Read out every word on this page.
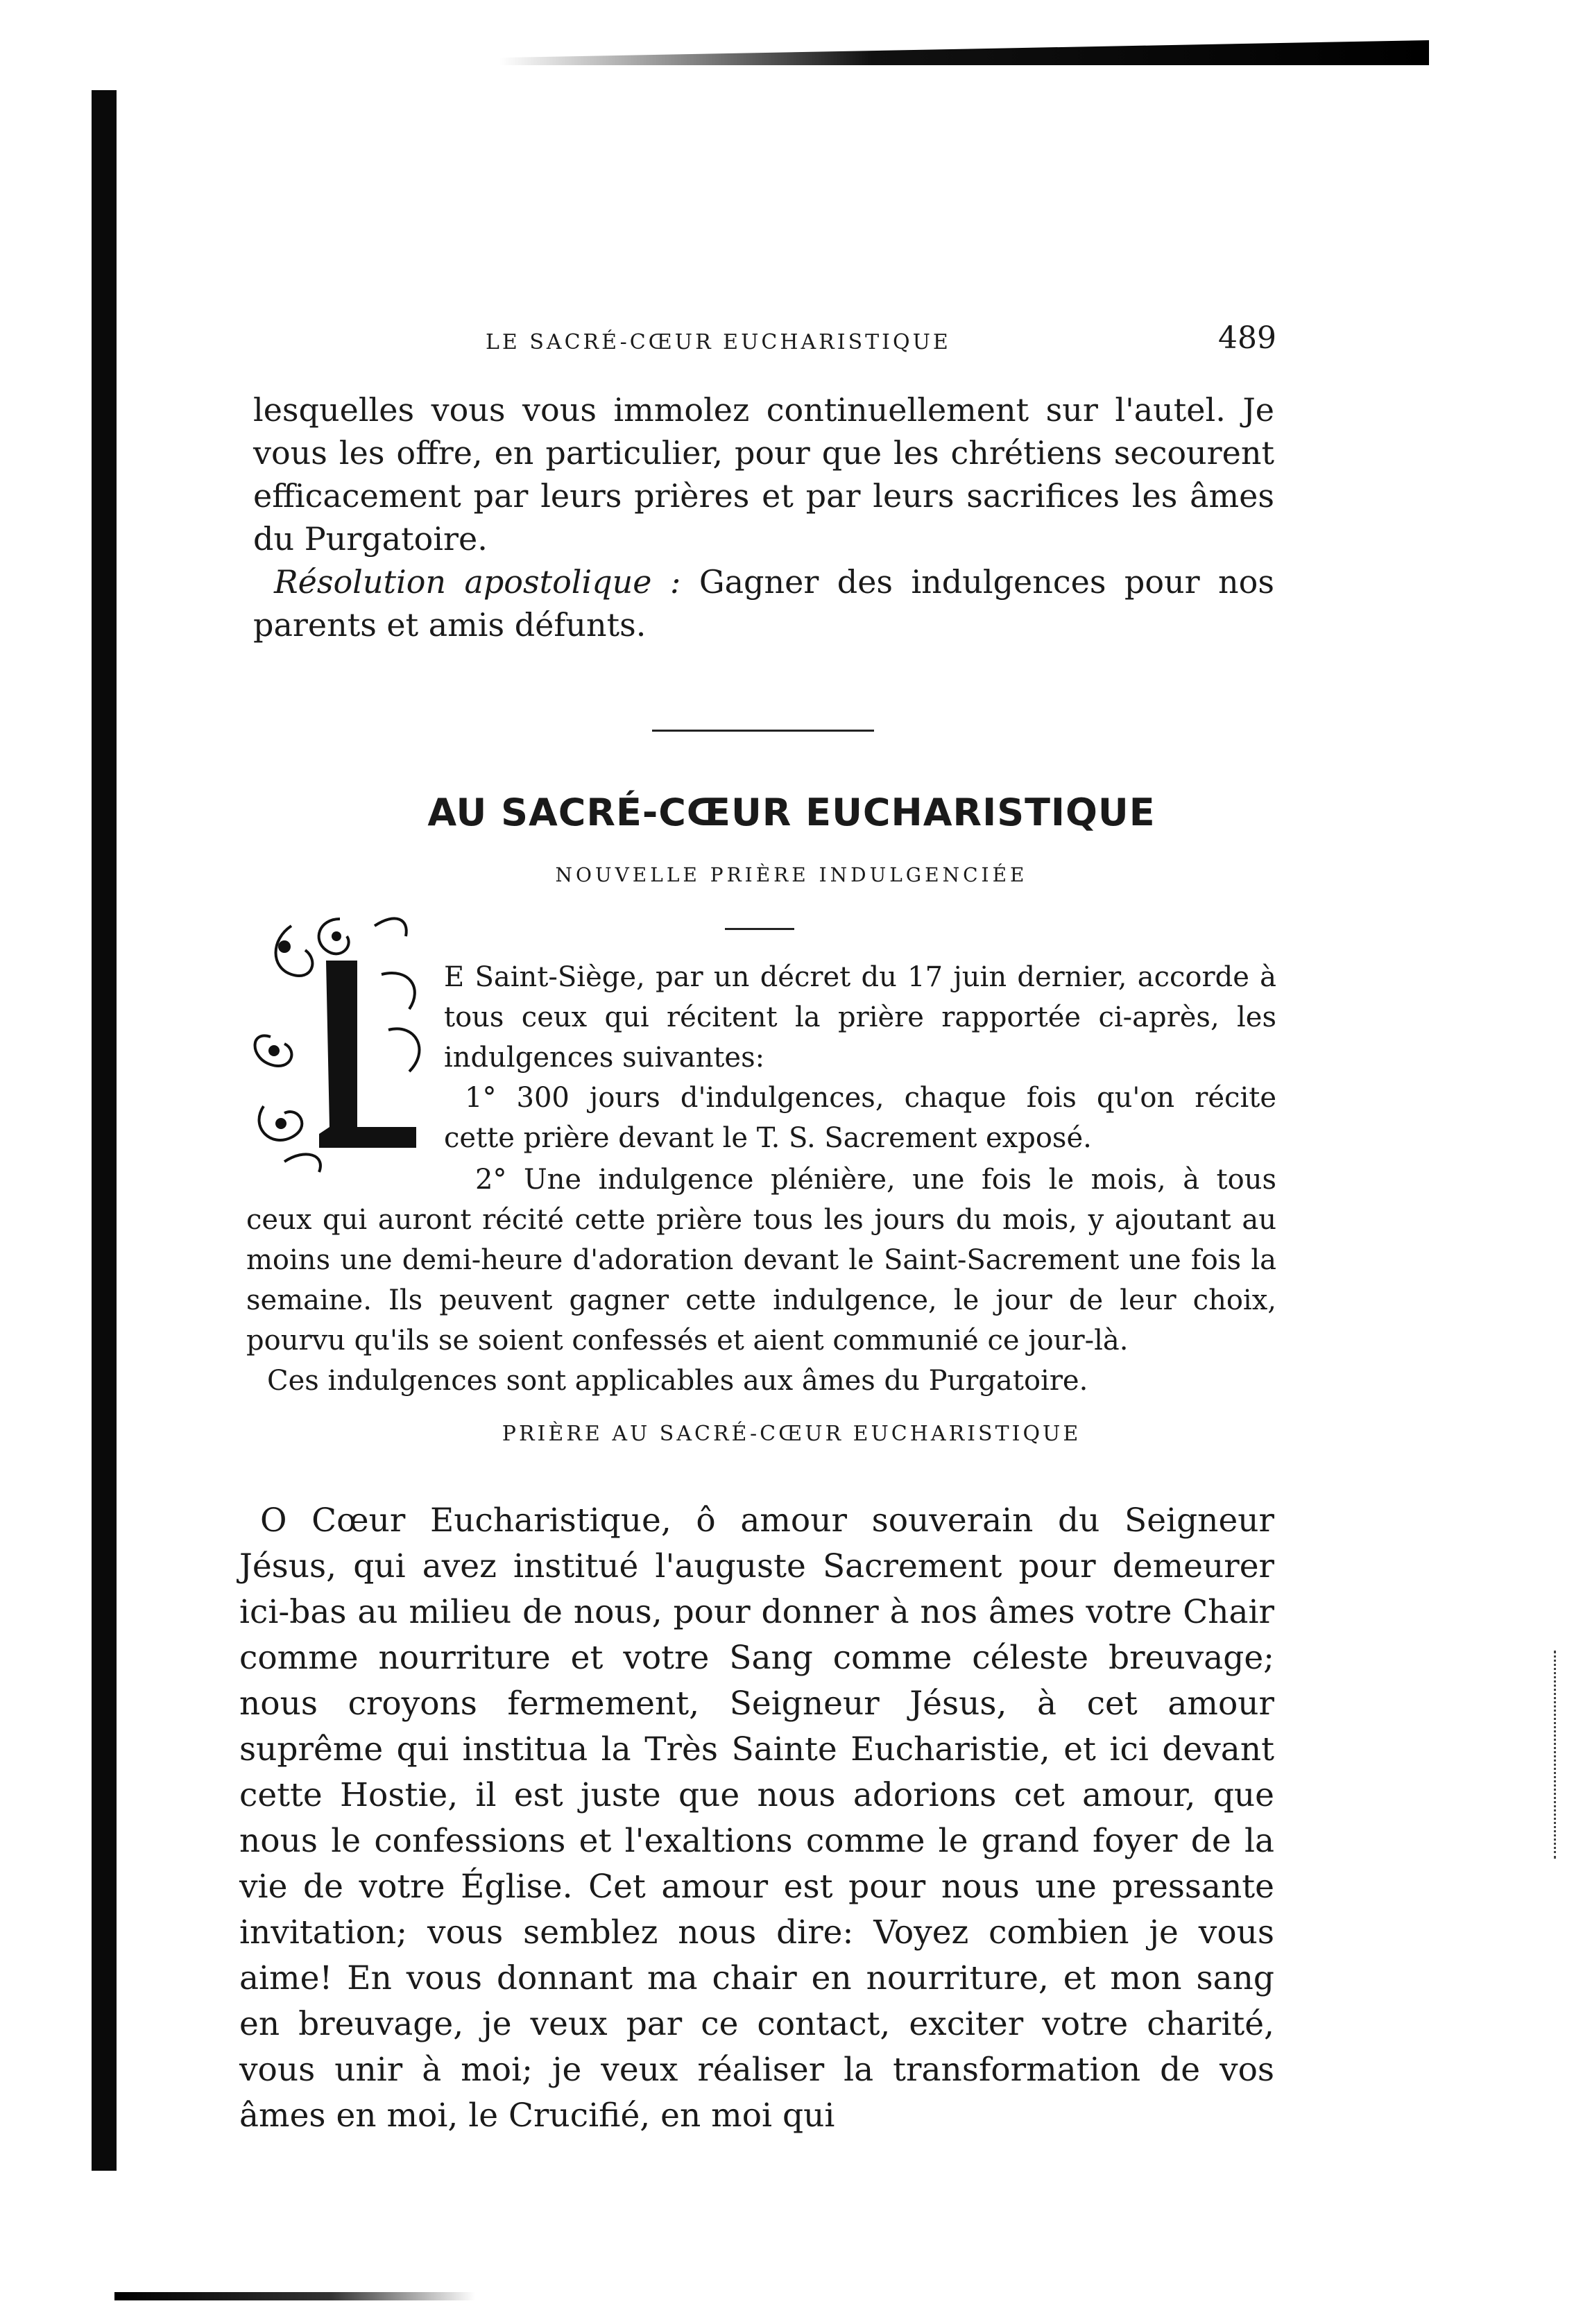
LE SACRÉ-CŒUR EUCHARISTIQUE	489

lesquelles vous vous immolez continuellement sur l'autel. Je vous les offre, en particulier, pour que les chrétiens secourent efficacement par leurs prières et par leurs sacrifices les âmes du Purgatoire.

Résolution apostolique : Gagner des indulgences pour nos parents et amis défunts.

AU SACRÉ-CŒUR EUCHARISTIQUE
NOUVELLE PRIÈRE INDULGENCIÉE

E Saint-Siège, par un décret du 17 juin dernier, accorde à tous ceux qui récitent la prière rapportée ci-après, les indulgences suivantes:

1° 300 jours d'indulgences, chaque fois qu'on récite cette prière devant le T. S. Sacrement exposé.

2° Une indulgence plénière, une fois le mois, à tous ceux qui auront récité cette prière tous les jours du mois, y ajoutant au moins une demi-heure d'adoration devant le Saint-Sacrement une fois la semaine. Ils peuvent gagner cette indulgence, le jour de leur choix, pourvu qu'ils se soient confessés et aient communié ce jour-là.

Ces indulgences sont applicables aux âmes du Purgatoire.

PRIÈRE AU SACRÉ-CŒUR EUCHARISTIQUE

O Cœur Eucharistique, ô amour souverain du Seigneur Jésus, qui avez institué l'auguste Sacrement pour demeurer ici-bas au milieu de nous, pour donner à nos âmes votre Chair comme nourriture et votre Sang comme céleste breuvage; nous croyons fermement, Seigneur Jésus, à cet amour suprême qui institua la Très Sainte Eucharistie, et ici devant cette Hostie, il est juste que nous adorions cet amour, que nous le confessions et l'exaltions comme le grand foyer de la vie de votre Église. Cet amour est pour nous une pressante invitation; vous semblez nous dire: Voyez combien je vous aime! En vous donnant ma chair en nourriture, et mon sang en breuvage, je veux par ce contact, exciter votre charité, vous unir à moi; je veux réaliser la transformation de vos âmes en moi, le Crucifié, en moi qui
